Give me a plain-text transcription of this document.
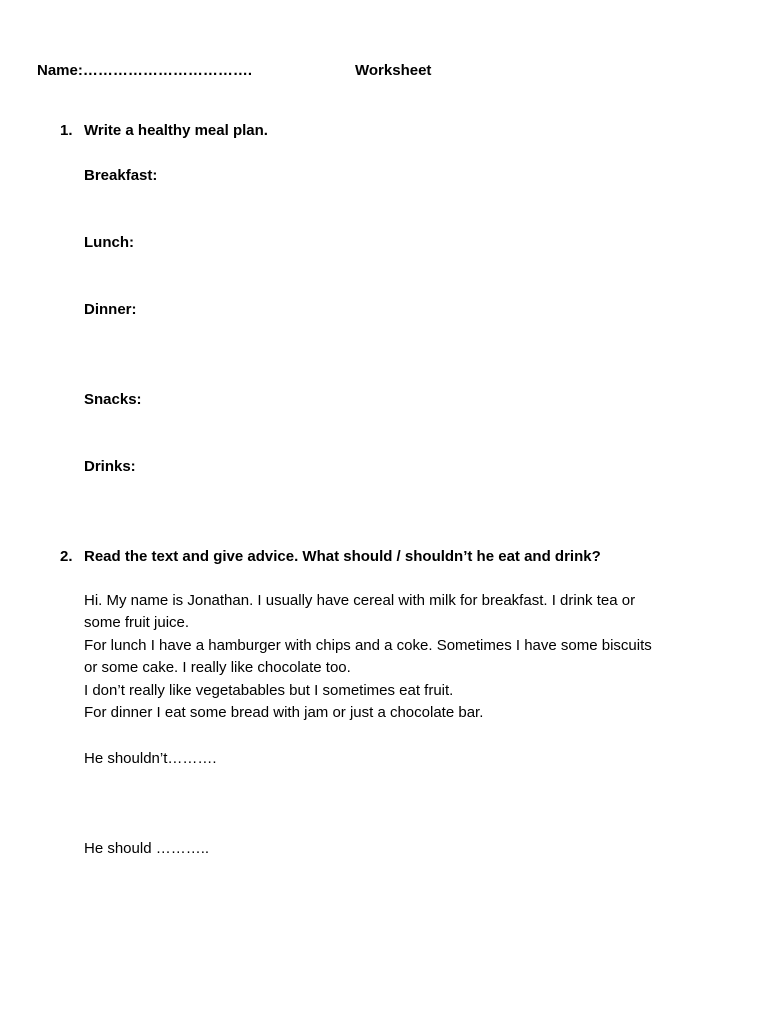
Name:…………………………….	Worksheet
1. Write a healthy meal plan.
Breakfast:
Lunch:
Dinner:
Snacks:
Drinks:
2. Read the text and give advice. What should / shouldn’t he eat and drink?
Hi. My name is Jonathan. I usually have cereal with milk for breakfast. I drink tea or
some fruit juice.
For lunch I have a hamburger with chips and a coke. Sometimes I have some biscuits
or some cake. I really like chocolate too.
I don’t really like vegetabables but I sometimes eat fruit.
For dinner I eat some bread with jam or just a chocolate bar.
He shouldn’t……….
He should ………..
